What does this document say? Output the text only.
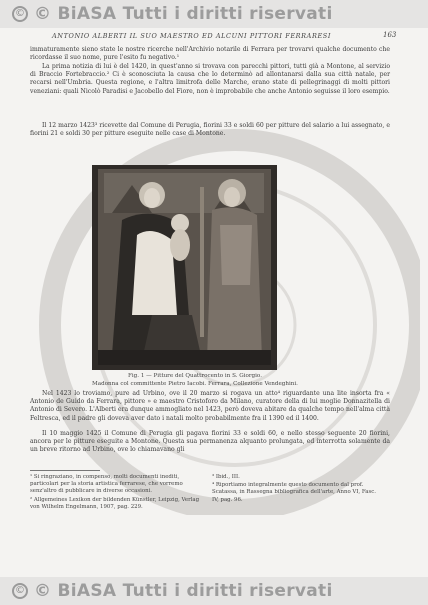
© © BiASA Tutti i diritti riservati
ANTONIO ALBERTI IL SUO MAESTRO ED ALCUNI PITTORI FERRARESI	163

immaturamente sieno state le nostre ricerche nell'Archivio notarile di Ferrara per trovarvi qualche documento che ricordasse il suo nome, pure l'esito fu negativo.¹

La prima notizia di lui è del 1420, in quest'anno si trovava con parecchi pittori, tutti già a Montone, al servizio di Braccio Fortebraccio.² Ci è sconosciuta la causa che lo determinò ad allontanarsi dalla sua città natale, per recarsi nell'Umbria. Questa regione, e l'altra limitrofa delle Marche, erano state di pellegrinaggi di molti pittori veneziani: quali Nicolò Paradisi e Jacobello del Fiore, non è improbabile che anche Antonio seguisse il loro esempio.

Il 12 marzo 1423³ ricevette dal Comune di Perugia, fiorini 33 e soldi 60 per pitture del salario a lui assegnato, e fiorini 21 e soldi 30 per pitture eseguite nelle case di Montone.

Fig. 1 — Pitture del Quattrocento in S. Giorgio.
Madonna col committente Pietro Iacobi. Ferrara, Collezione Vendeghini.

Nel 1423 lo troviamo, pure ad Urbino, ove il 20 marzo si rogava un atto⁴ riguardante una lite insorta fra « Antonio de Guido da Ferrara, pittore » e maestro Cristoforo da Milano, curatore della di lui moglie Donnazitella di Antonio di Severo. L'Alberti era dunque ammogliato nel 1423, però doveva abitare da qualche tempo nell'alma città Feltresca, ed il padre gli doveva aver dato i natali molto probabilmente fra il 1390 ed il 1400.

Il 10 maggio 1425 il Comune di Perugia gli pagava fiorini 33 e soldi 60, e nello stesso seguente 20 fiorini, ancora per le pitture eseguite a Montone. Questa sua permanenza alquanto prolungata, ed interrotta solamente da un breve ritorno ad Urbino, ove lo chiamavano gli

¹ Si ringraziano, in compenso, molti documenti inediti, particolari per la storia artistica ferrarese, che vorremo senz'altro di pubblicare in diverse occasioni.

² Allgemeines Lexikon der bildenden Künstler, Leipzig, Verlag von Wilhelm Engelmann, 1907, pag. 229.

³ Ibid., III.

⁴ Riportiamo integralmente questo documento dal prof. Scatassa, in Rassegna bibliografica dell'arte, Anno VI, Fasc. IV, pag. 96.

© © BiASA Tutti i diritti riservati
